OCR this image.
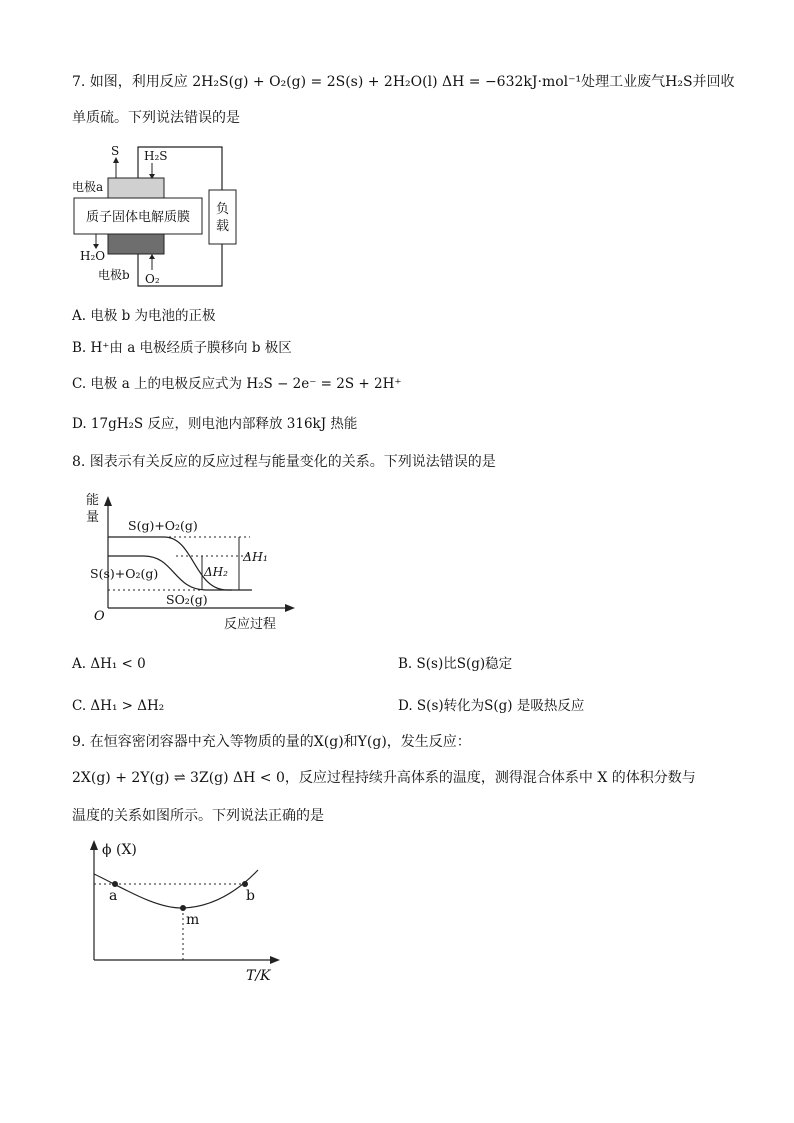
7. 如图，利用反应 2H₂S(g) + O₂(g) = 2S(s) + 2H₂O(l) ΔH = −632kJ·mol⁻¹处理工业废气H₂S并回收
单质硫。下列说法错误的是
质子固体电解质膜
负
载
S H₂S
电极a
H₂O
O₂
电极b
A. 电极 b 为电池的正极
B. H⁺由 a 电极经质子膜移向 b 极区
C. 电极 a 上的电极反应式为 H₂S − 2e⁻ = 2S + 2H⁺
D. 17gH₂S 反应，则电池内部释放 316kJ 热能
8. 图表示有关反应的反应过程与能量变化的关系。下列说法错误的是
能
量
O
反应过程
S(g)+O₂(g)
S(s)+O₂(g)
SO₂(g)
ΔH₁
ΔH₂
A. ΔH₁ < 0	B. S(s)比S(g)稳定
C. ΔH₁ > ΔH₂	D. S(s)转化为S(g) 是吸热反应
9. 在恒容密闭容器中充入等物质的量的X(g)和Y(g)，发生反应：
2X(g) + 2Y(g) ⇌ 3Z(g) ΔH < 0，反应过程持续升高体系的温度，测得混合体系中 X 的体积分数与
温度的关系如图所示。下列说法正确的是
ϕ (X)
T/K
a
m
b
